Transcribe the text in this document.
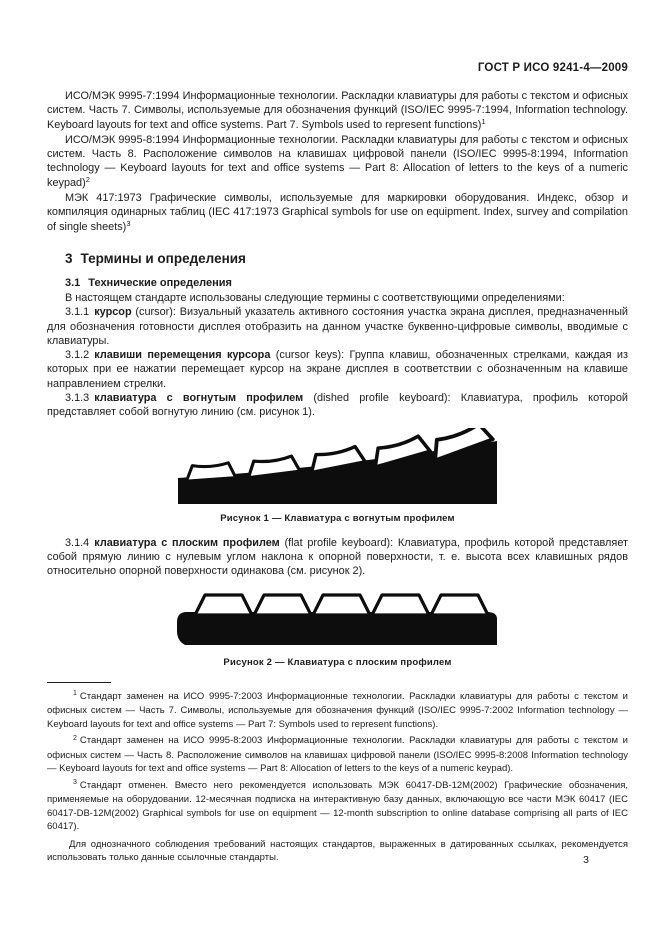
ГОСТ Р ИСО 9241-4—2009

ИСО/МЭК 9995-7:1994 Информационные технологии. Раскладки клавиатуры для работы с текстом и офисных систем. Часть 7. Символы, используемые для обозначения функций (ISO/IEC 9995-7:1994, Information technology. Keyboard layouts for text and office systems. Part 7. Symbols used to represent functions)$^1$

ИСО/МЭК 9995-8:1994 Информационные технологии. Раскладки клавиатуры для работы с текстом и офисных систем. Часть 8. Расположение символов на клавишах цифровой панели (ISO/IEC 9995-8:1994, Information technology — Keyboard layouts for text and office systems — Part 8: Allocation of letters to the keys of a numeric keypad)$^2$

МЭК 417:1973 Графические символы, используемые для маркировки оборудования. Индекс, обзор и компиляция одинарных таблиц (IEC 417:1973 Graphical symbols for use on equipment. Index, survey and compilation of single sheets)$^3$

3 Термины и определения
3.1 Технические определения

В настоящем стандарте использованы следующие термины с соответствующими определениями:

3.1.1 курсор (cursor): Визуальный указатель активного состояния участка экрана дисплея, предназначенный для обозначения готовности дисплея отобразить на данном участке буквенно-цифровые символы, вводимые с клавиатуры.

3.1.2 клавиши перемещения курсора (cursor keys): Группа клавиш, обозначенных стрелками, каждая из которых при ее нажатии перемещает курсор на экране дисплея в соответствии с обозначенным на клавише направлением стрелки.

3.1.3 клавиатура с вогнутым профилем (dished profile keyboard): Клавиатура, профиль которой представляет собой вогнутую линию (см. рисунок 1).

Рисунок 1 — Клавиатура с вогнутым профилем

3.1.4 клавиатура с плоским профилем (flat profile keyboard): Клавиатура, профиль которой представляет собой прямую линию с нулевым углом наклона к опорной поверхности, т. е. высота всех клавишных рядов относительно опорной поверхности одинакова (см. рисунок 2).

Рисунок 2 — Клавиатура с плоским профилем

$^1$ Стандарт заменен на ИСО 9995-7:2003 Информационные технологии. Раскладки клавиатуры для работы с текстом и офисных систем — Часть 7. Символы, используемые для обозначения функций (ISO/IEC 9995-7:2002 Information technology — Keyboard layouts for text and office systems — Part 7: Symbols used to represent functions).

$^2$ Стандарт заменен на ИСО 9995-8:2003 Информационные технологии. Раскладки клавиатуры для работы с текстом и офисных систем — Часть 8. Расположение символов на клавишах цифровой панели (ISO/IEC 9995-8:2008 Information technology — Keyboard layouts for text and office systems — Part 8: Allocation of letters to the keys of a numeric keypad).

$^3$ Стандарт отменен. Вместо него рекомендуется использовать МЭК 60417-DB-12M(2002) Графические обозначения, применяемые на оборудовании. 12-месячная подписка на интерактивную базу данных, включающую все части МЭК 60417 (IEC 60417-DB-12M(2002) Graphical symbols for use on equipment — 12-month subscription to online database comprising all parts of IEC 60417).

Для однозначного соблюдения требований настоящих стандартов, выраженных в датированных ссылках, рекомендуется использовать только данные ссылочные стандарты.	3
